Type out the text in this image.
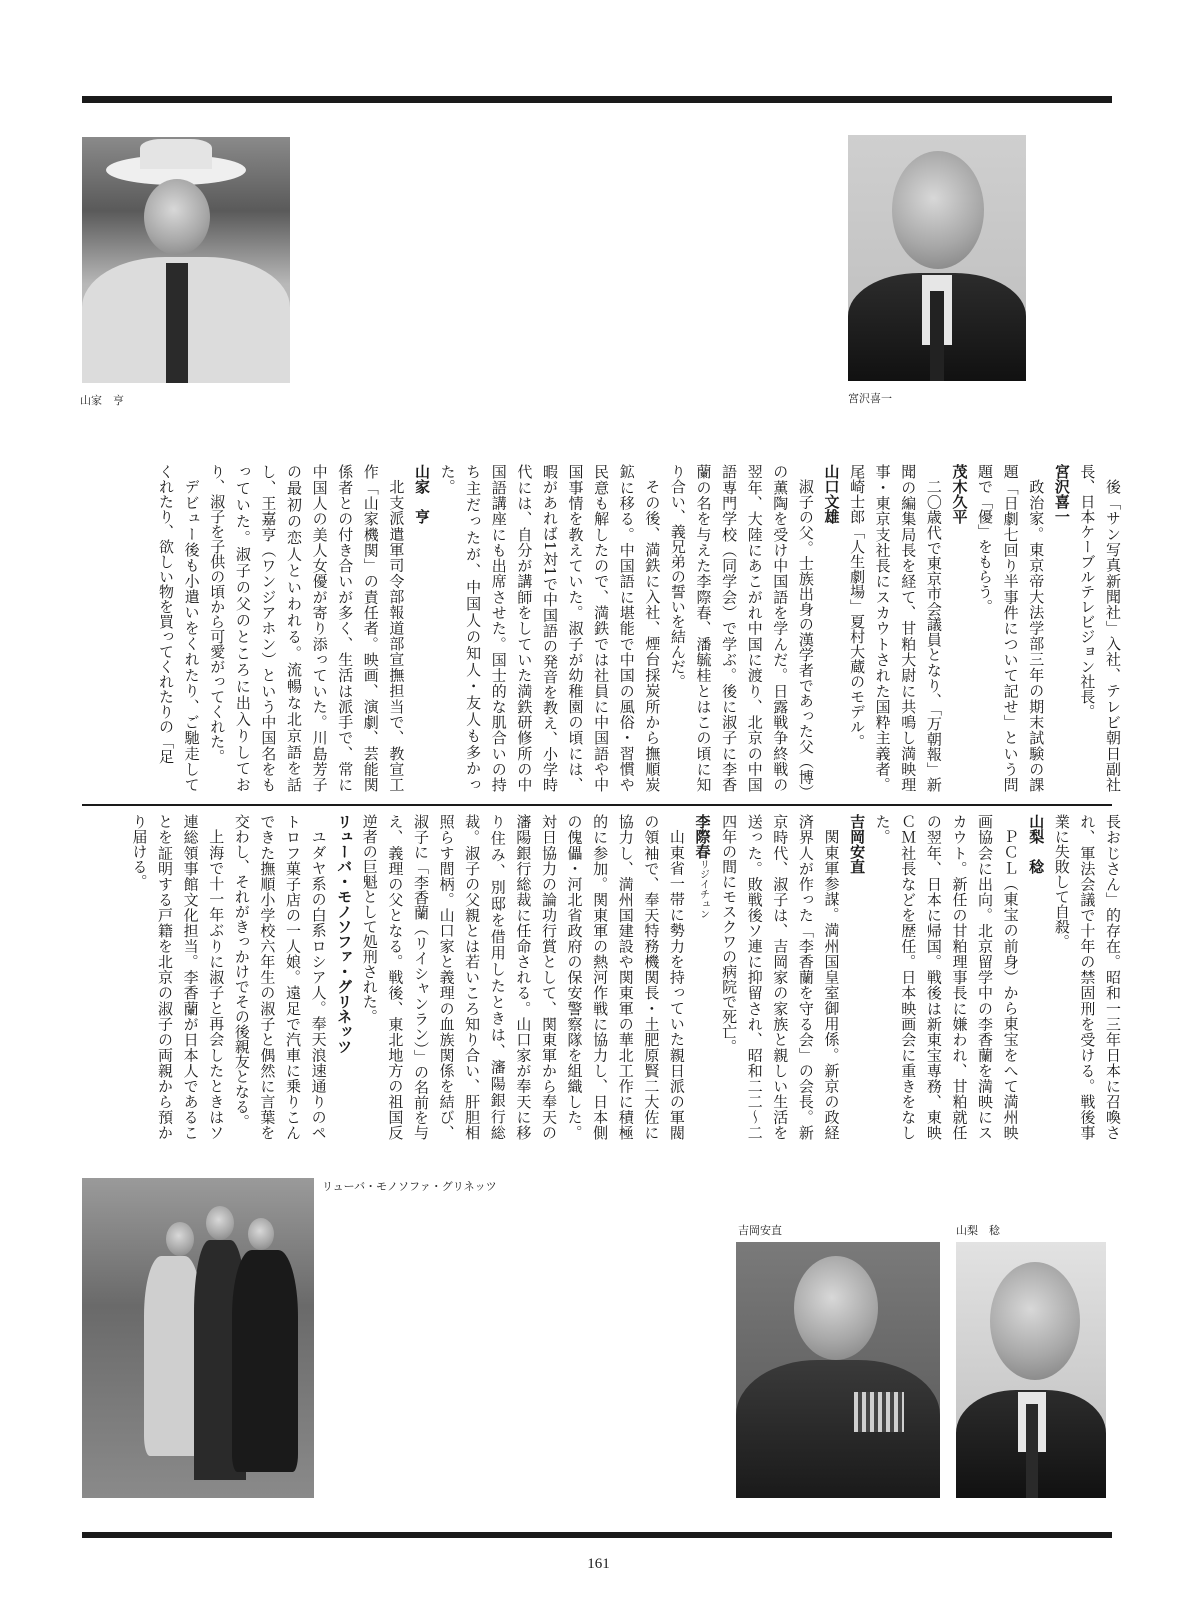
山家　亨	宮沢喜一

後「サン写真新聞社」入社、テレビ朝日副社長、日本ケーブルテレビジョン社長。

宮沢喜一

政治家。東京帝大法学部三年の期末試験の課題「日劇七回り半事件について記せ」という問題で「優」をもらう。

茂木久平

二〇歳代で東京市会議員となり、「万朝報」新聞の編集局長を経て、甘粕大尉に共鳴し満映理事・東京支社長にスカウトされた国粋主義者。尾崎士郎「人生劇場」夏村大蔵のモデル。

山口文雄

淑子の父。士族出身の漢学者であった父（博）の薫陶を受け中国語を学んだ。日露戦争終戦の翌年、大陸にあこがれ中国に渡り、北京の中国語専門学校（同学会）で学ぶ。後に淑子に李香蘭の名を与えた李際春、潘毓桂とはこの頃に知り合い、義兄弟の誓いを結んだ。

その後、満鉄に入社、煙台採炭所から撫順炭鉱に移る。中国語に堪能で中国の風俗・習慣や民意も解したので、満鉄では社員に中国語や中国事情を教えていた。淑子が幼稚園の頃には、暇があれば1対1で中国語の発音を教え、小学時代には、自分が講師をしていた満鉄研修所の中国語講座にも出席させた。国士的な肌合いの持ち主だったが、中国人の知人・友人も多かった。

山家　亨

北支派遣軍司令部報道部宣撫担当で、教宣工作「山家機関」の責任者。映画、演劇、芸能関係者との付き合いが多く、生活は派手で、常に中国人の美人女優が寄り添っていた。川島芳子の最初の恋人といわれる。流暢な北京語を話し、王嘉亨（ワンジアホン）という中国名をもっていた。淑子の父のところに出入りしており、淑子を子供の頃から可愛がってくれた。

デビュー後も小遣いをくれたり、ご馳走してくれたり、欲しい物を買ってくれたりの「足

長おじさん」的存在。昭和一三年日本に召喚され、軍法会議で十年の禁固刑を受ける。戦後事業に失敗して自殺。

山梨　稔

ＰＣＬ（東宝の前身）から東宝をへて満州映画協会に出向。北京留学中の李香蘭を満映にスカウト。新任の甘粕理事長に嫌われ、甘粕就任の翌年、日本に帰国。戦後は新東宝専務、東映ＣＭ社長などを歴任。日本映画会に重きをなした。

吉岡安直

関東軍参謀。満州国皇室御用係。新京の政経済界人が作った「李香蘭を守る会」の会長。新京時代、淑子は、吉岡家の家族と親しい生活を送った。敗戦後ソ連に抑留され、昭和二二～二四年の間にモスクワの病院で死亡。

李際春リジイチュン

山東省一帯に勢力を持っていた親日派の軍閥の領袖で、奉天特務機関長・土肥原賢二大佐に協力し、満州国建設や関東軍の華北工作に積極的に参加。関東軍の熱河作戦に協力し、日本側の傀儡・河北省政府の保安警察隊を組織した。対日協力の論功行賞として、関東軍から奉天の瀋陽銀行総裁に任命される。山口家が奉天に移り住み、別邸を借用したときは、瀋陽銀行総裁。淑子の父親とは若いころ知り合い、肝胆相照らす間柄。山口家と義理の血族関係を結び、淑子に「李香蘭（リイシャンラン）」の名前を与え、義理の父となる。戦後、東北地方の祖国反逆者の巨魁として処刑された。

リューバ・モノソファ・グリネッツ

ユダヤ系の白系ロシア人。奉天浪速通りのペトロフ菓子店の一人娘。遠足で汽車に乗りこんできた撫順小学校六年生の淑子と偶然に言葉を交わし、それがきっかけでその後親友となる。

上海で十一年ぶりに淑子と再会したときはソ連総領事館文化担当。李香蘭が日本人であることを証明する戸籍を北京の淑子の両親から預かり届ける。

リューバ・モノソファ・グリネッツ
吉岡安直	山梨　稔
161
